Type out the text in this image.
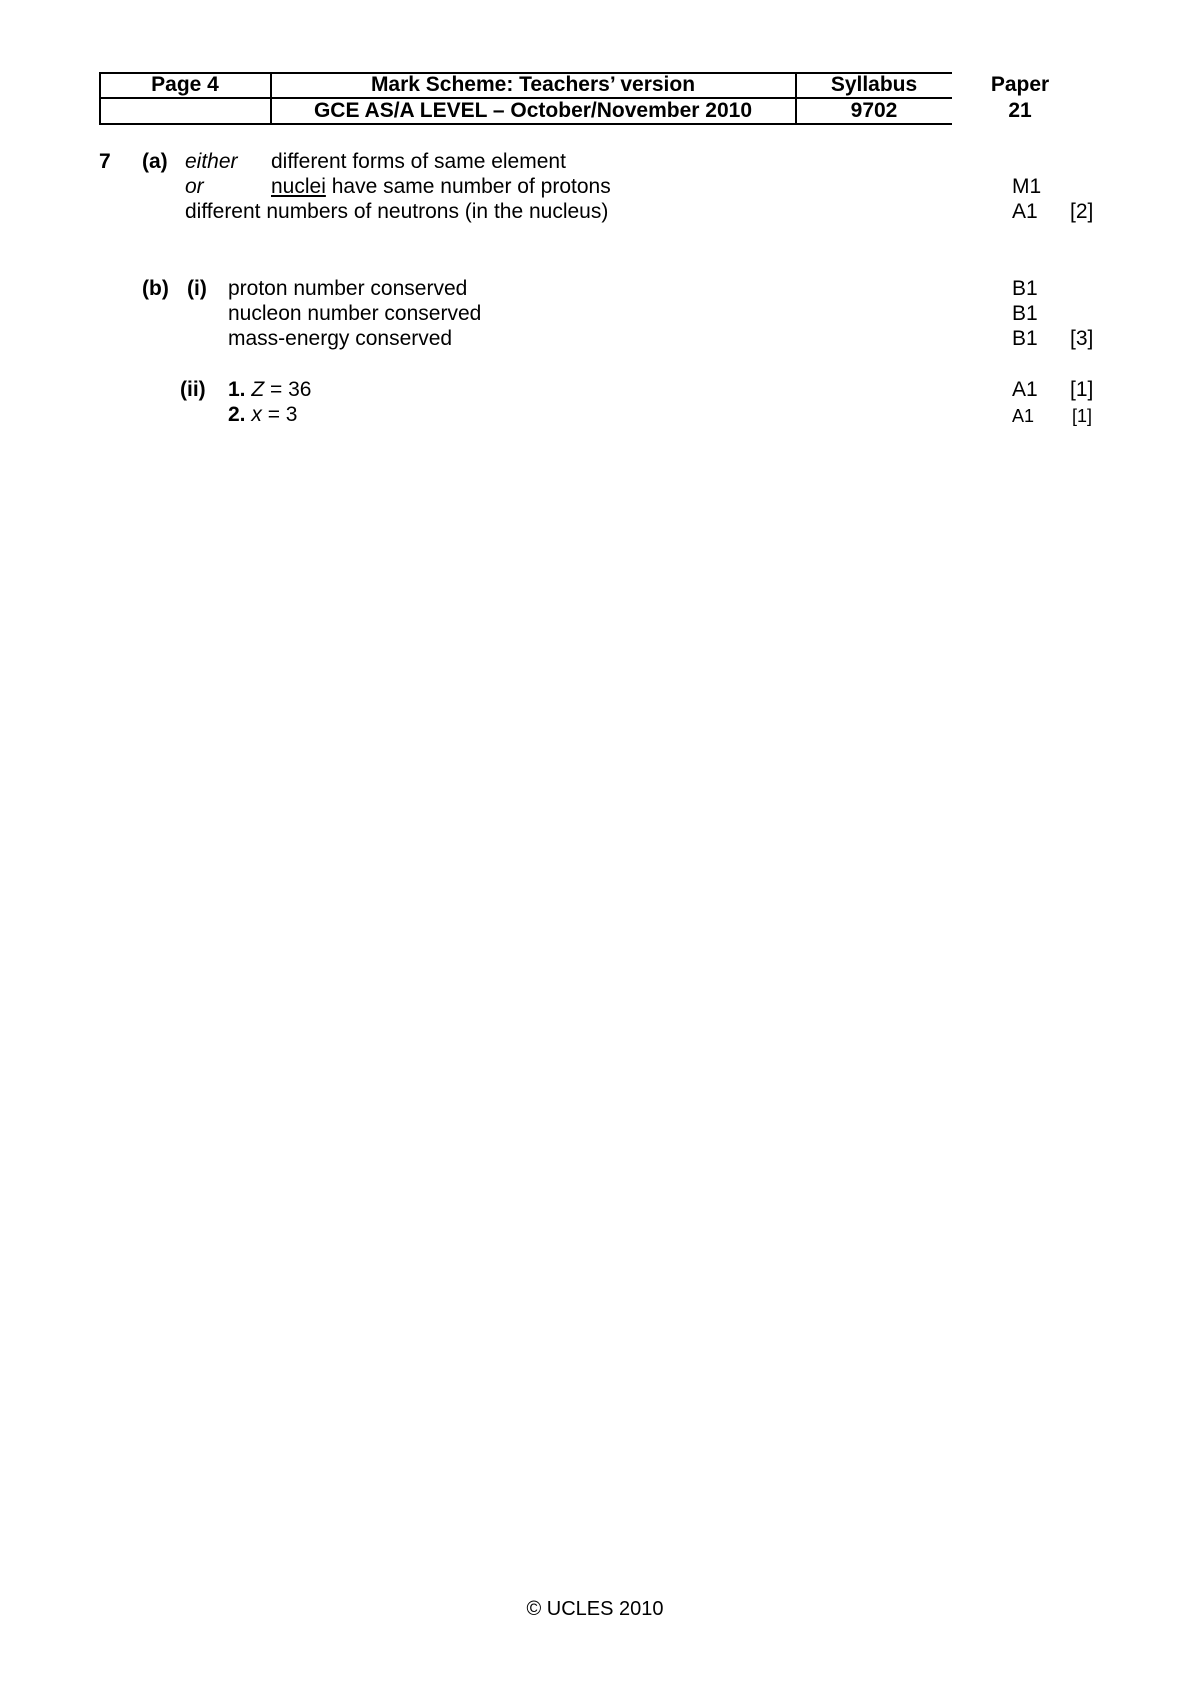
Page 4	Mark Scheme: Teachers’ version
GCE AS/A LEVEL – October/November 2010
Syllabus
9702
Paper
21
7 (a) either different forms of same element
or	nuclei have same number of protons
different numbers of neutrons (in the nucleus)
M1
A1 [2]
(b) (i) proton number conserved
nucleon number conserved
mass-energy conserved
B1
B1
B1 [3]
(ii) 1. Z = 36
2. x = 3
A1 [1]
A1 [1]
© UCLES 2010
